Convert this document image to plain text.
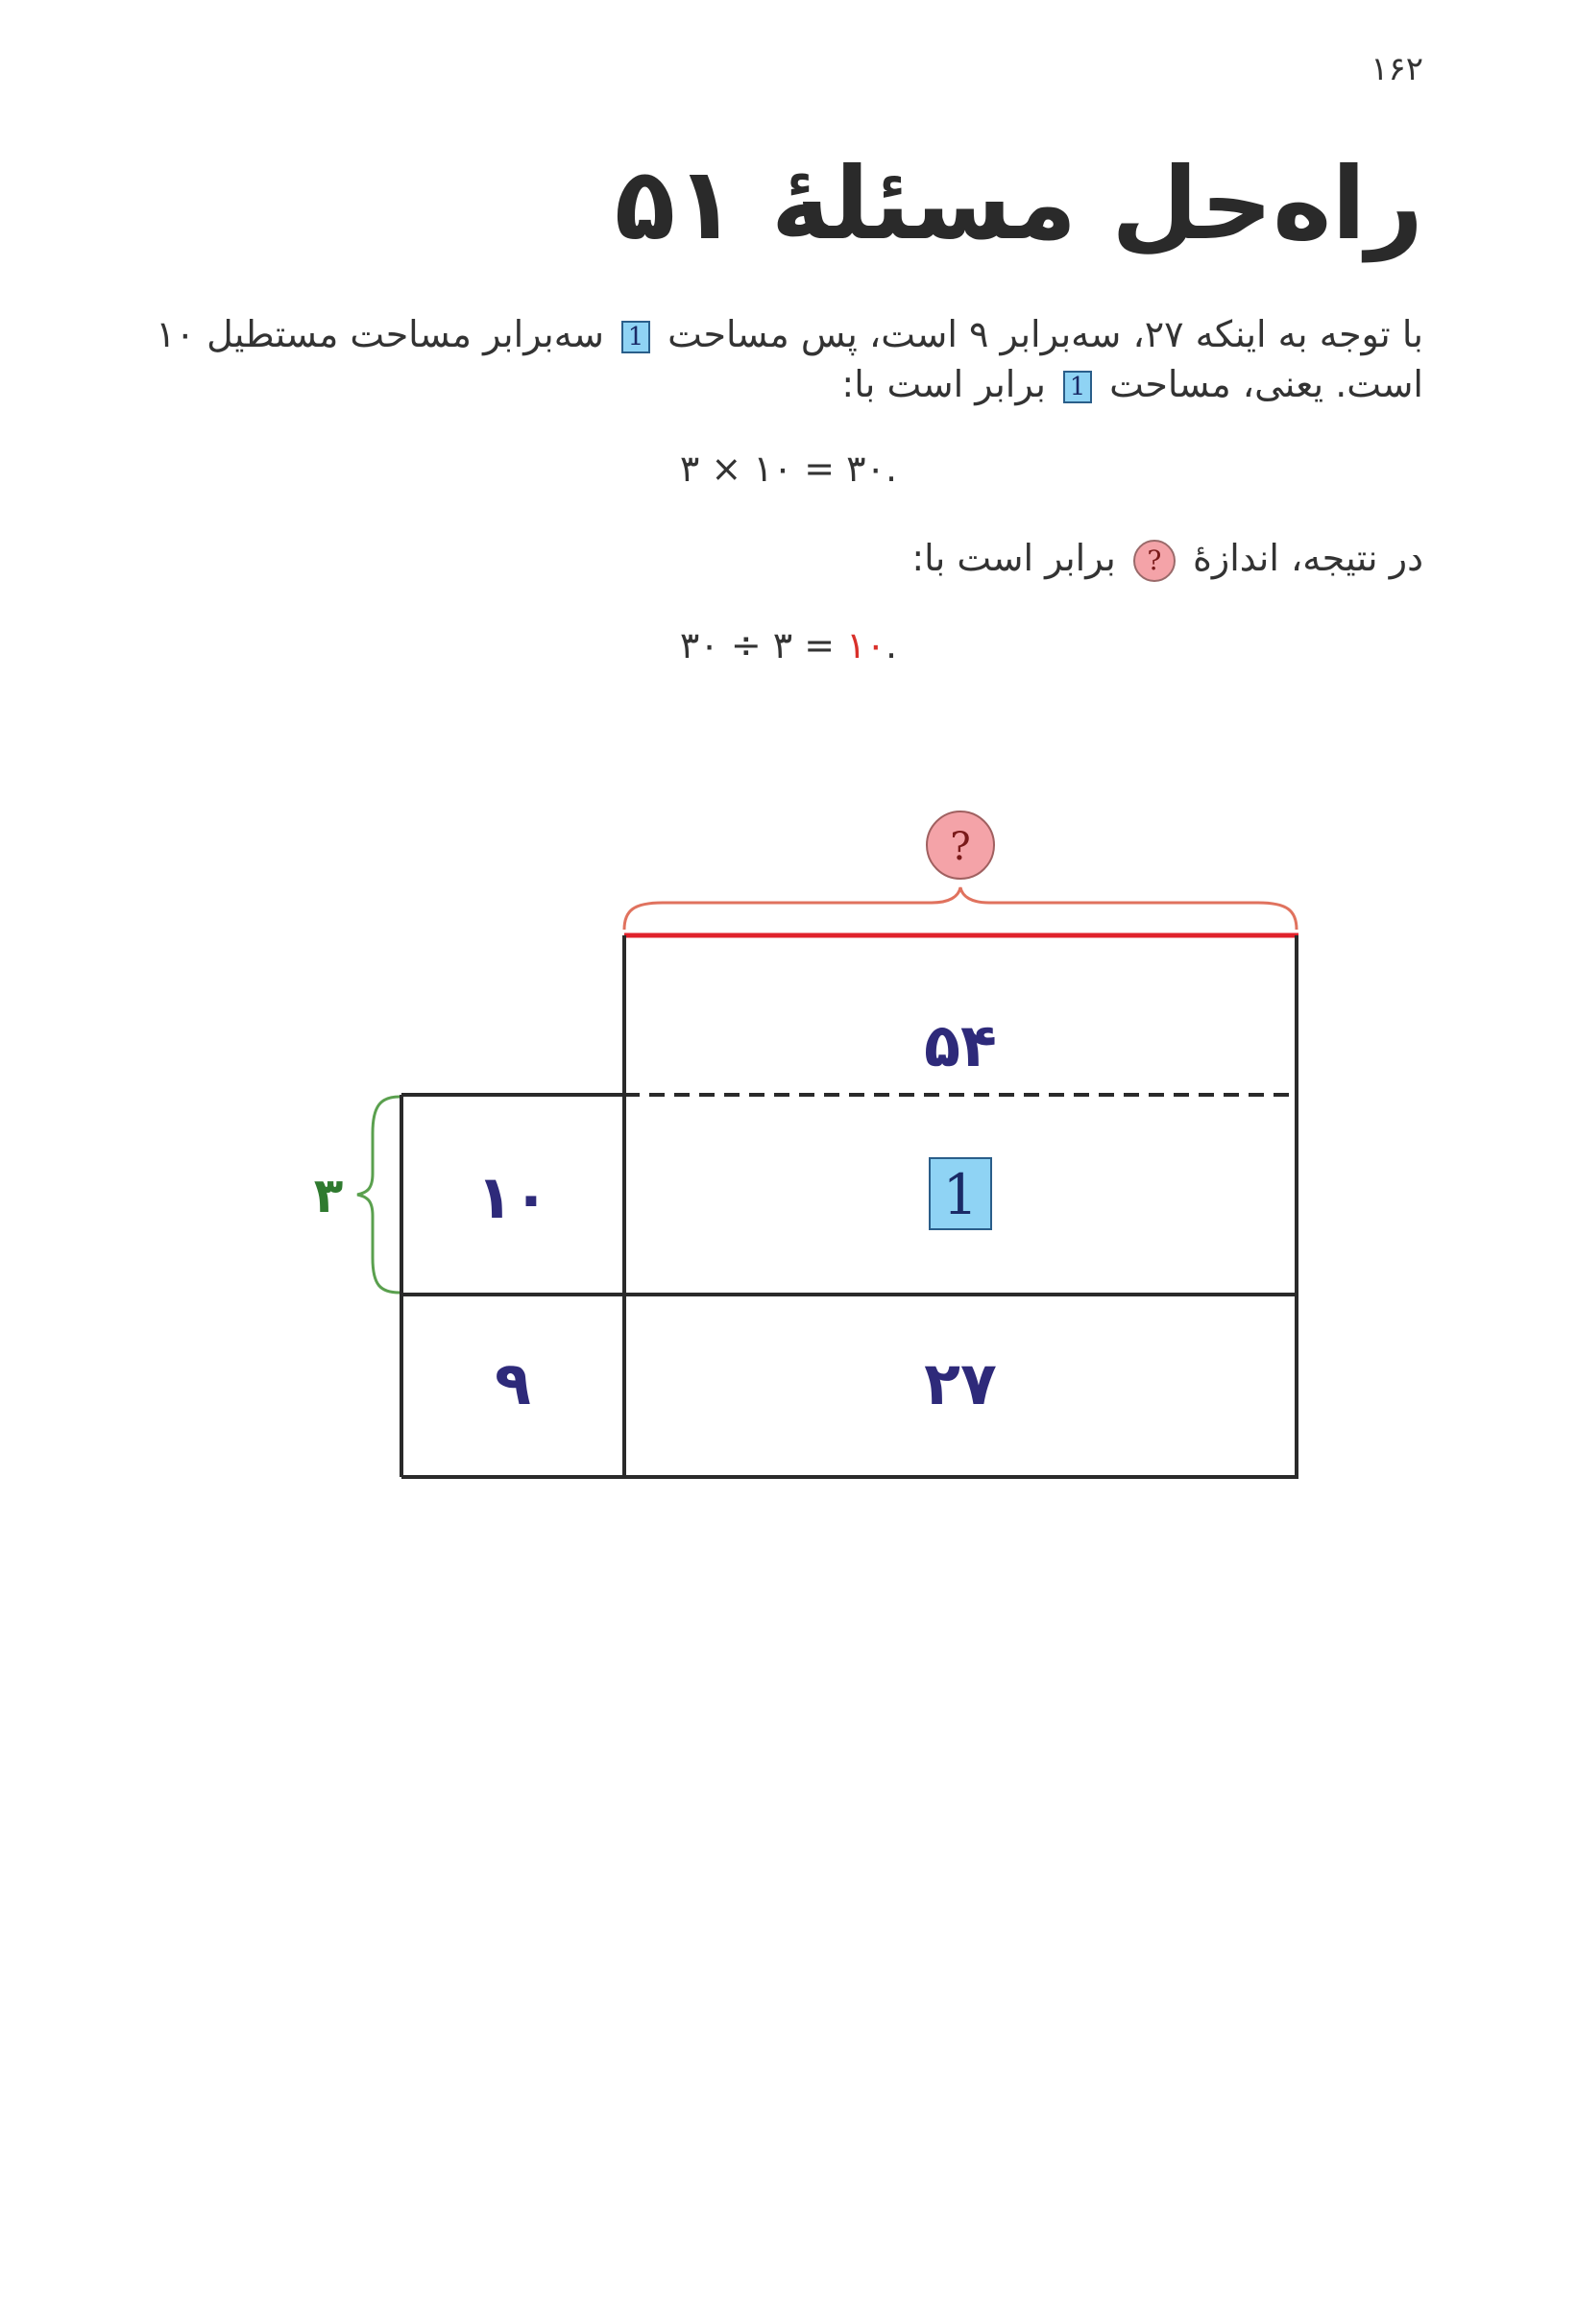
۱۶۲
راه‌حل مسئلهٔ ۵۱
با توجه به اینکه ۲۷، سه‌برابر ۹ است، پس مساحت 1 سه‌برابر مساحت مستطیل ۱۰ است. یعنی، مساحت 1 برابر است با:
۳ × ۱۰ = ۳۰.
در نتیجه، اندازهٔ ? برابر است با:
۳۰ ÷ ۳ = ۱۰.
?
۳
۵۴
۱۰
۹	۲۷
1
